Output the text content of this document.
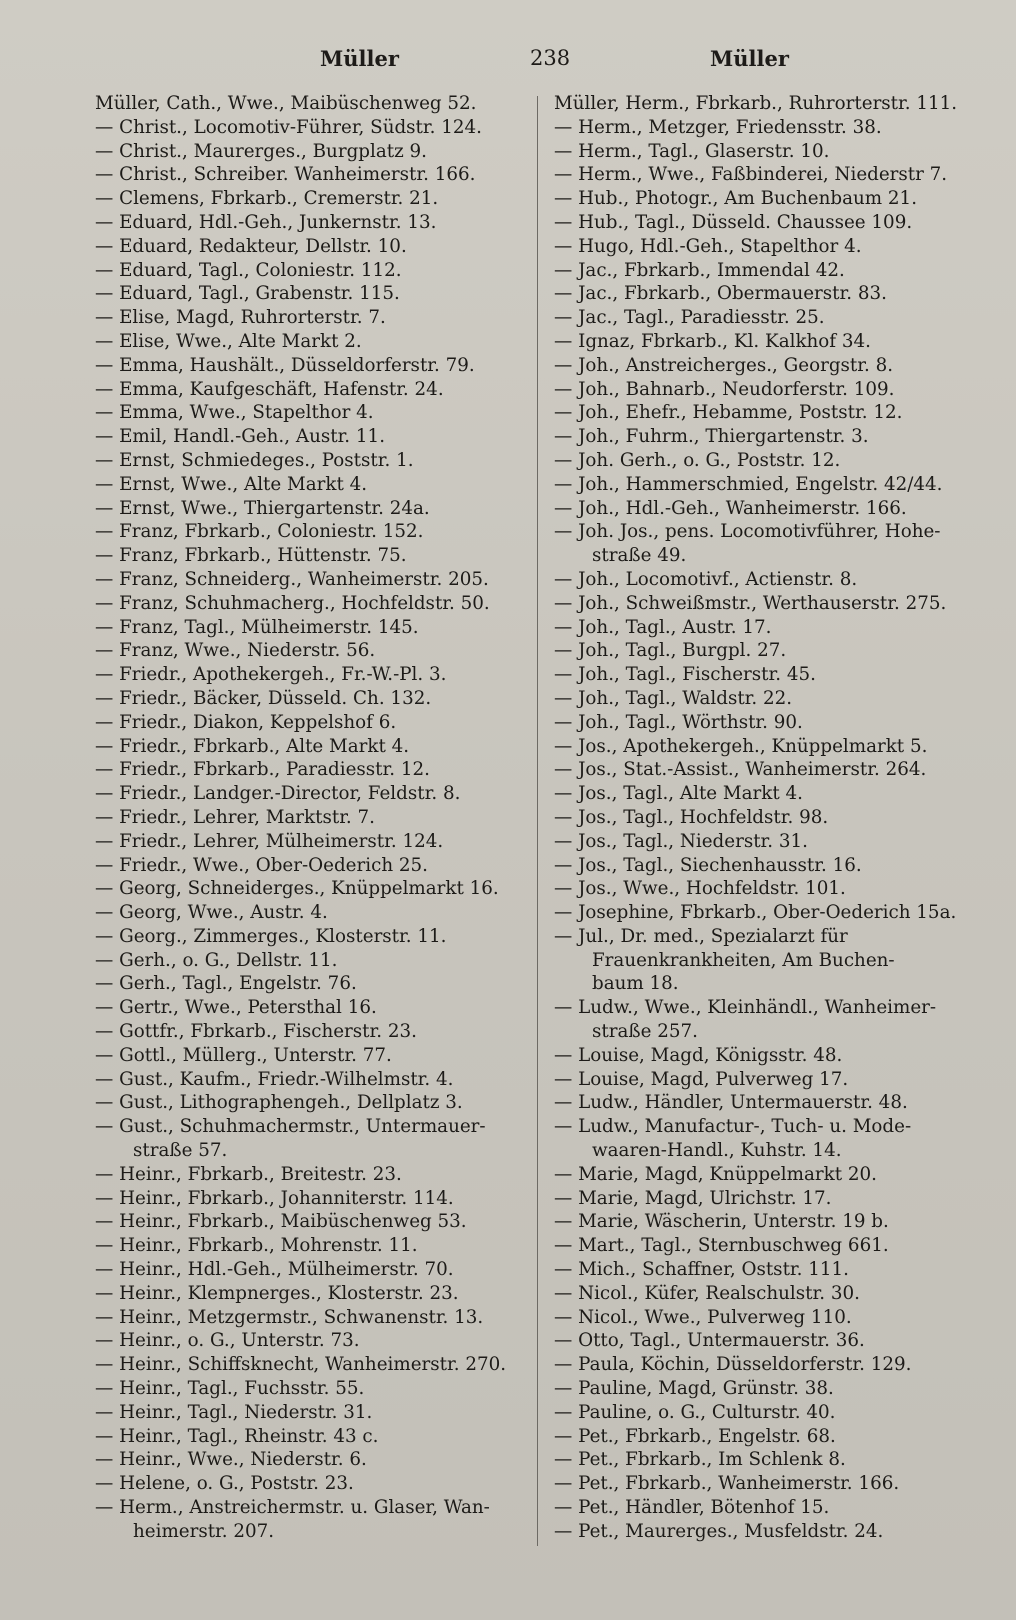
Müller	238	Müller
Müller, Cath., Wwe., Maibüschenweg 52.
— Christ., Locomotiv-Führer, Südstr. 124.
— Christ., Maurerges., Burgplatz 9.
— Christ., Schreiber. Wanheimerstr. 166.
— Clemens, Fbrkarb., Cremerstr. 21.
— Eduard, Hdl.-Geh., Junkernstr. 13.
— Eduard, Redakteur, Dellstr. 10.
— Eduard, Tagl., Coloniestr. 112.
— Eduard, Tagl., Grabenstr. 115.
— Elise, Magd, Ruhrorterstr. 7.
— Elise, Wwe., Alte Markt 2.
— Emma, Haushält., Düsseldorferstr. 79.
— Emma, Kaufgeschäft, Hafenstr. 24.
— Emma, Wwe., Stapelthor 4.
— Emil, Handl.-Geh., Austr. 11.
— Ernst, Schmiedeges., Poststr. 1.
— Ernst, Wwe., Alte Markt 4.
— Ernst, Wwe., Thiergartenstr. 24a.
— Franz, Fbrkarb., Coloniestr. 152.
— Franz, Fbrkarb., Hüttenstr. 75.
— Franz, Schneiderg., Wanheimerstr. 205.
— Franz, Schuhmacherg., Hochfeldstr. 50.
— Franz, Tagl., Mülheimerstr. 145.
— Franz, Wwe., Niederstr. 56.
— Friedr., Apothekergeh., Fr.-W.-Pl. 3.
— Friedr., Bäcker, Düsseld. Ch. 132.
— Friedr., Diakon, Keppelshof 6.
— Friedr., Fbrkarb., Alte Markt 4.
— Friedr., Fbrkarb., Paradiesstr. 12.
— Friedr., Landger.-Director, Feldstr. 8.
— Friedr., Lehrer, Marktstr. 7.
— Friedr., Lehrer, Mülheimerstr. 124.
— Friedr., Wwe., Ober-Oederich 25.
— Georg, Schneiderges., Knüppelmarkt 16.
— Georg, Wwe., Austr. 4.
— Georg., Zimmerges., Klosterstr. 11.
— Gerh., o. G., Dellstr. 11.
— Gerh., Tagl., Engelstr. 76.
— Gertr., Wwe., Petersthal 16.
— Gottfr., Fbrkarb., Fischerstr. 23.
— Gottl., Müllerg., Unterstr. 77.
— Gust., Kaufm., Friedr.-Wilhelmstr. 4.
— Gust., Lithographengeh., Dellplatz 3.
— Gust., Schuhmachermstr., Untermauer-
straße 57.
— Heinr., Fbrkarb., Breitestr. 23.
— Heinr., Fbrkarb., Johanniterstr. 114.
— Heinr., Fbrkarb., Maibüschenweg 53.
— Heinr., Fbrkarb., Mohrenstr. 11.
— Heinr., Hdl.-Geh., Mülheimerstr. 70.
— Heinr., Klempnerges., Klosterstr. 23.
— Heinr., Metzgermstr., Schwanenstr. 13.
— Heinr., o. G., Unterstr. 73.
— Heinr., Schiffsknecht, Wanheimerstr. 270.
— Heinr., Tagl., Fuchsstr. 55.
— Heinr., Tagl., Niederstr. 31.
— Heinr., Tagl., Rheinstr. 43 c.
— Heinr., Wwe., Niederstr. 6.
— Helene, o. G., Poststr. 23.
— Herm., Anstreichermstr. u. Glaser, Wan-
heimerstr. 207.
Müller, Herm., Fbrkarb., Ruhrorterstr. 111.
— Herm., Metzger, Friedensstr. 38.
— Herm., Tagl., Glaserstr. 10.
— Herm., Wwe., Faßbinderei, Niederstr 7.
— Hub., Photogr., Am Buchenbaum 21.
— Hub., Tagl., Düsseld. Chaussee 109.
— Hugo, Hdl.-Geh., Stapelthor 4.
— Jac., Fbrkarb., Immendal 42.
— Jac., Fbrkarb., Obermauerstr. 83.
— Jac., Tagl., Paradiesstr. 25.
— Ignaz, Fbrkarb., Kl. Kalkhof 34.
— Joh., Anstreicherges., Georgstr. 8.
— Joh., Bahnarb., Neudorferstr. 109.
— Joh., Ehefr., Hebamme, Poststr. 12.
— Joh., Fuhrm., Thiergartenstr. 3.
— Joh. Gerh., o. G., Poststr. 12.
— Joh., Hammerschmied, Engelstr. 42/44.
— Joh., Hdl.-Geh., Wanheimerstr. 166.
— Joh. Jos., pens. Locomotivführer, Hohe-
straße 49.
— Joh., Locomotivf., Actienstr. 8.
— Joh., Schweißmstr., Werthauserstr. 275.
— Joh., Tagl., Austr. 17.
— Joh., Tagl., Burgpl. 27.
— Joh., Tagl., Fischerstr. 45.
— Joh., Tagl., Waldstr. 22.
— Joh., Tagl., Wörthstr. 90.
— Jos., Apothekergeh., Knüppelmarkt 5.
— Jos., Stat.-Assist., Wanheimerstr. 264.
— Jos., Tagl., Alte Markt 4.
— Jos., Tagl., Hochfeldstr. 98.
— Jos., Tagl., Niederstr. 31.
— Jos., Tagl., Siechenhausstr. 16.
— Jos., Wwe., Hochfeldstr. 101.
— Josephine, Fbrkarb., Ober-Oederich 15a.
— Jul., Dr. med., Spezialarzt für
Frauenkrankheiten, Am Buchen-
baum 18.
— Ludw., Wwe., Kleinhändl., Wanheimer-
straße 257.
— Louise, Magd, Königsstr. 48.
— Louise, Magd, Pulverweg 17.
— Ludw., Händler, Untermauerstr. 48.
— Ludw., Manufactur-, Tuch- u. Mode-
waaren-Handl., Kuhstr. 14.
— Marie, Magd, Knüppelmarkt 20.
— Marie, Magd, Ulrichstr. 17.
— Marie, Wäscherin, Unterstr. 19 b.
— Mart., Tagl., Sternbuschweg 661.
— Mich., Schaffner, Oststr. 111.
— Nicol., Küfer, Realschulstr. 30.
— Nicol., Wwe., Pulverweg 110.
— Otto, Tagl., Untermauerstr. 36.
— Paula, Köchin, Düsseldorferstr. 129.
— Pauline, Magd, Grünstr. 38.
— Pauline, o. G., Culturstr. 40.
— Pet., Fbrkarb., Engelstr. 68.
— Pet., Fbrkarb., Im Schlenk 8.
— Pet., Fbrkarb., Wanheimerstr. 166.
— Pet., Händler, Bötenhof 15.
— Pet., Maurerges., Musfeldstr. 24.
